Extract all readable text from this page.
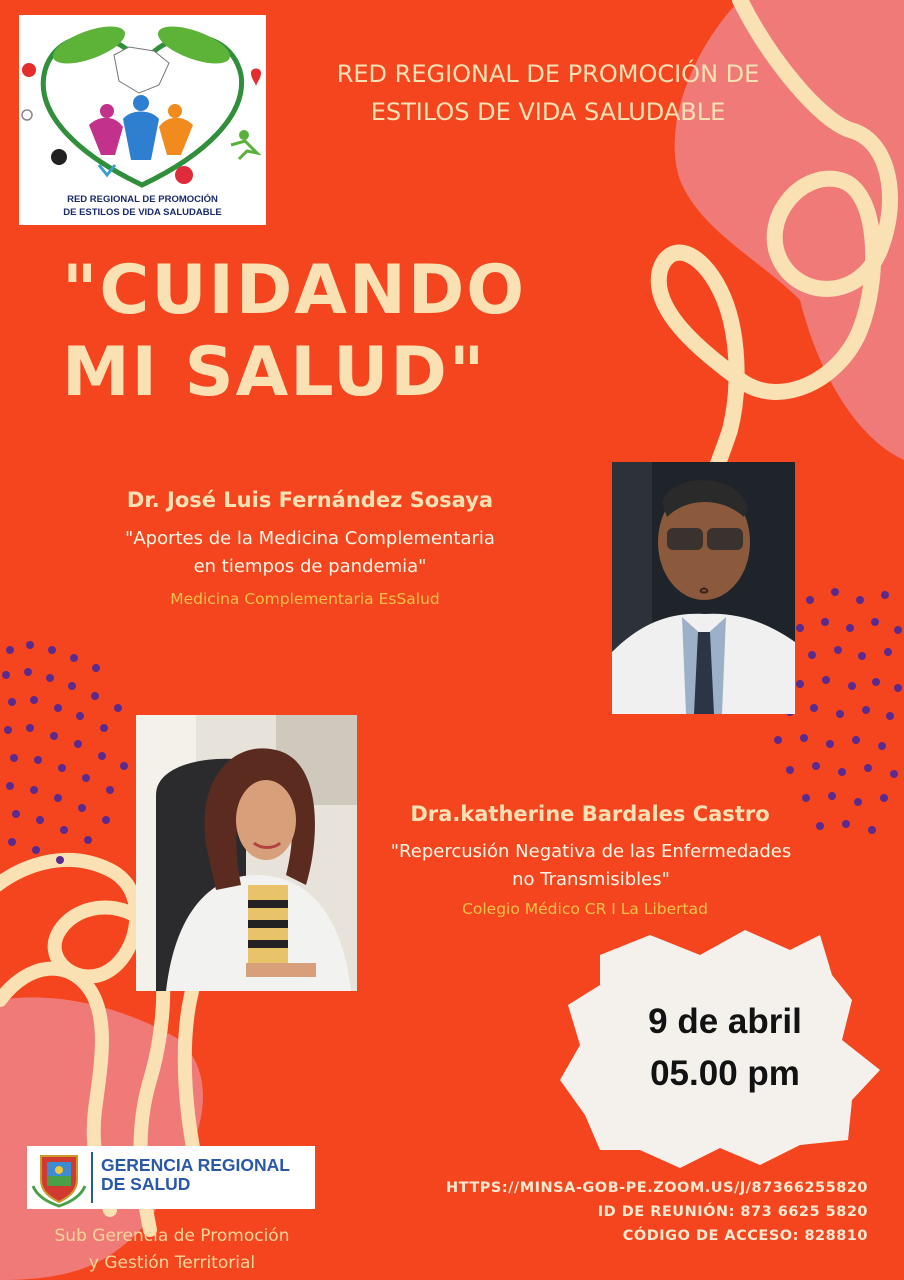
RED REGIONAL DE PROMOCIÓN
DE ESTILOS DE VIDA SALUDABLE
RED REGIONAL DE PROMOCIÓN DE
ESTILOS DE VIDA SALUDABLE
"CUIDANDO
MI SALUD"
Dr. José Luis Fernández Sosaya
"Aportes de la Medicina Complementaria
en tiempos de pandemia"
Medicina Complementaria EsSalud
Dra.katherine Bardales Castro
"Repercusión Negativa de las Enfermedades
no Transmisibles"
Colegio Médico CR I La Libertad
9 de abril
05.00 pm
GERENCIA REGIONAL
DE SALUD
Sub Gerencia de Promoción
y Gestión Territorial
HTTPS://MINSA-GOB-PE.ZOOM.US/J/87366255820
ID DE REUNIÓN: 873 6625 5820
CÓDIGO DE ACCESO: 828810
